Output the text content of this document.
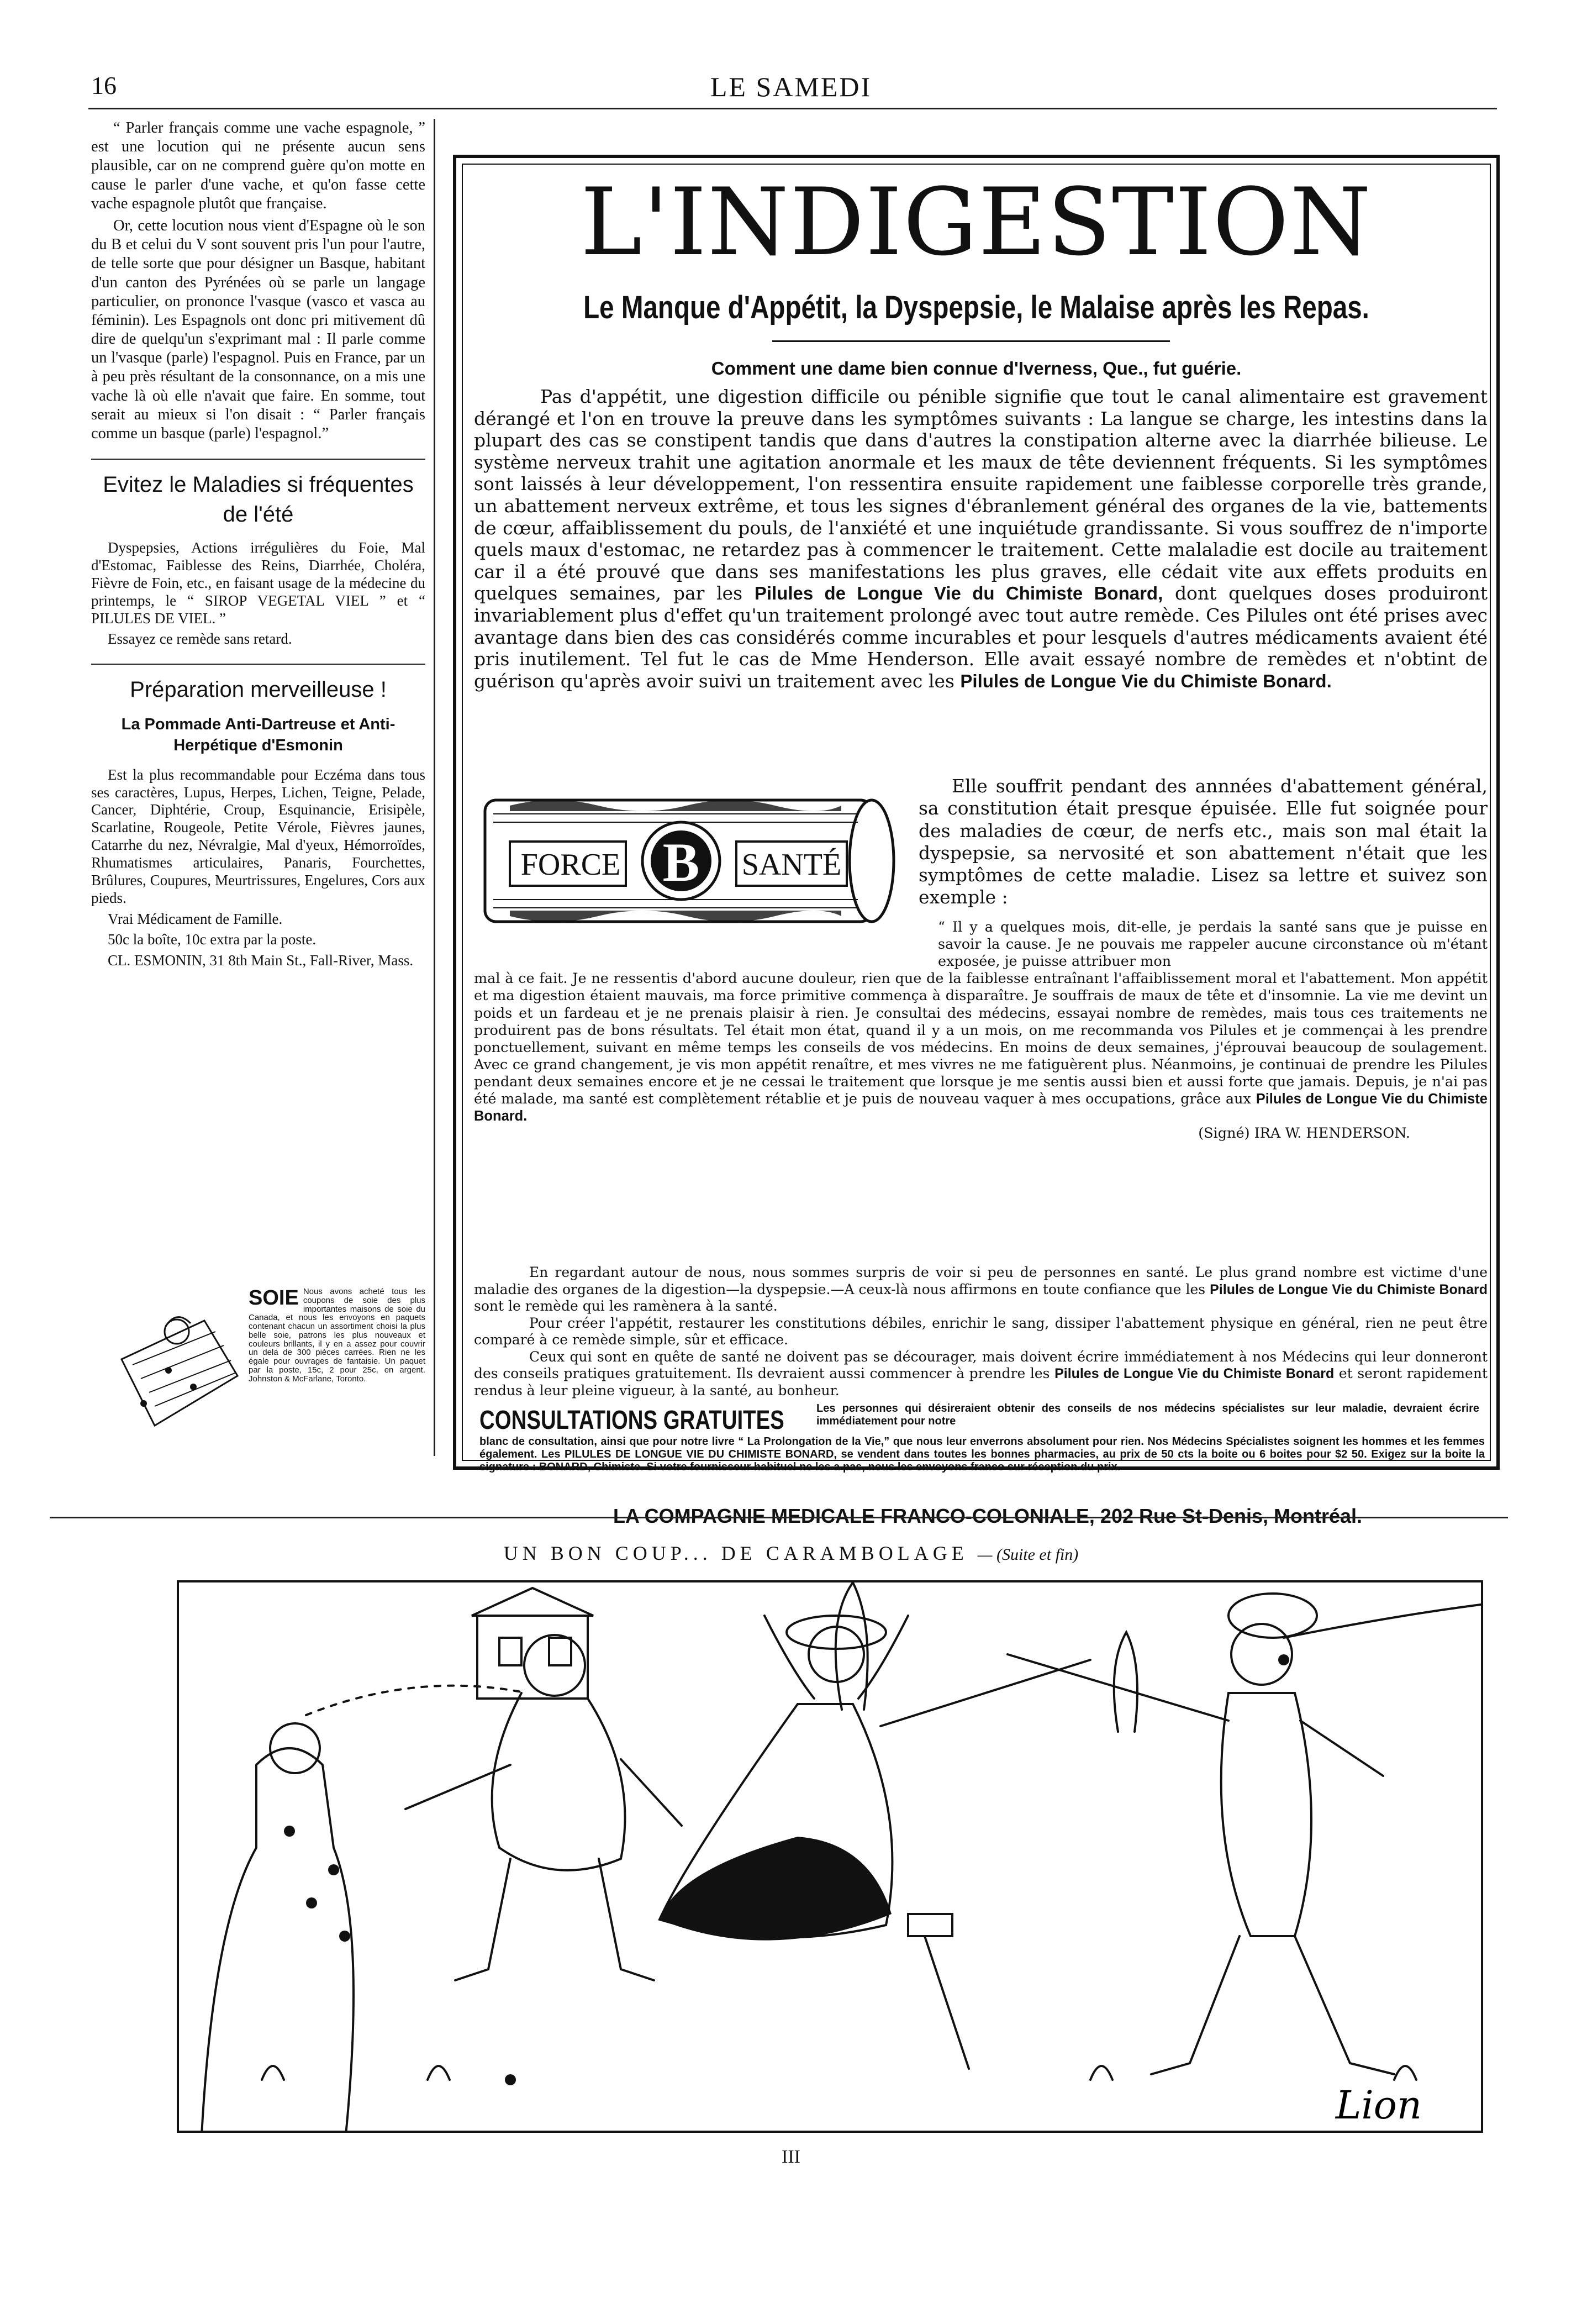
16	LE SAMEDI

“ Parler français comme une vache espagnole, ” est une locution qui ne présente aucun sens plausible, car on ne comprend guère qu'on motte en cause le parler d'une vache, et qu'on fasse cette vache espagnole plutôt que française.

Or, cette locution nous vient d'Espagne où le son du B et celui du V sont souvent pris l'un pour l'autre, de telle sorte que pour désigner un Basque, habitant d'un canton des Pyrénées où se parle un langage particulier, on prononce l'vasque (vasco et vasca au féminin). Les Espagnols ont donc pri mitivement dû dire de quelqu'un s'exprimant mal : Il parle comme un l'vasque (parle) l'espagnol. Puis en France, par un à peu près résultant de la consonnance, on a mis une vache là où elle n'avait que faire. En somme, tout serait au mieux si l'on disait : “ Parler français comme un basque (parle) l'espagnol.”

Evitez le Maladies si fréquentes de l'été

Dyspepsies, Actions irrégulières du Foie, Mal d'Estomac, Faiblesse des Reins, Diarrhée, Choléra, Fièvre de Foin, etc., en faisant usage de la médecine du printemps, le “ SIROP VEGETAL VIEL ” et “ PILULES DE VIEL. ”

Essayez ce remède sans retard.

Préparation merveilleuse !
La Pommade Anti-Dartreuse et Anti-Herpétique d'Esmonin

Est la plus recommandable pour Eczéma dans tous ses caractères, Lupus, Herpes, Lichen, Teigne, Pelade, Cancer, Diphtérie, Croup, Esquinancie, Erisipèle, Scarlatine, Rougeole, Petite Vérole, Fièvres jaunes, Catarrhe du nez, Névralgie, Mal d'yeux, Hémorroïdes, Rhumatismes articulaires, Panaris, Fourchettes, Brûlures, Coupures, Meurtrissures, Engelures, Cors aux pieds.

Vrai Médicament de Famille.

50c la boîte, 10c extra par la poste.

CL. ESMONIN, 31 8th Main St., Fall-River, Mass.

SOIE Nous avons acheté tous les coupons de soie des plus importantes maisons de soie du Canada, et nous les envoyons en paquets contenant chacun un assortiment choisi la plus belle soie, patrons les plus nouveaux et couleurs brillants, il y en a assez pour couvrir un dela de 300 pièces carrées. Rien ne les égale pour ouvrages de fantaisie. Un paquet par la poste, 15c, 2 pour 25c, en argent. Johnston & McFarlane, Toronto.
L'INDIGESTION
Le Manque d'Appétit, la Dyspepsie, le Malaise après les Repas.
Comment une dame bien connue d'Iverness, Que., fut guérie.
Pas d'appétit, une digestion difficile ou pénible signifie que tout le canal alimentaire est gravement dérangé et l'on en trouve la preuve dans les symptômes suivants : La langue se charge, les intestins dans la plupart des cas se constipent tandis que dans d'autres la constipation alterne avec la diarrhée bilieuse. Le système nerveux trahit une agitation anormale et les maux de tête deviennent fréquents. Si les symptômes sont laissés à leur développement, l'on ressentira ensuite rapidement une faiblesse corporelle très grande, un abattement nerveux extrême, et tous les signes d'ébranlement général des organes de la vie, battements de cœur, affaiblissement du pouls, de l'anxiété et une inquiétude grandissante. Si vous souffrez de n'importe quels maux d'estomac, ne retardez pas à commencer le traitement. Cette malaladie est docile au traitement car il a été prouvé que dans ses manifestations les plus graves, elle cédait vite aux effets produits en quelques semaines, par les Pilules de Longue Vie du Chimiste Bonard, dont quelques doses produiront invariablement plus d'effet qu'un traitement prolongé avec tout autre remède. Ces Pilules ont été prises avec avantage dans bien des cas considérés comme incurables et pour lesquels d'autres médicaments avaient été pris inutilement. Tel fut le cas de Mme Henderson. Elle avait essayé nombre de remèdes et n'obtint de guérison qu'après avoir suivi un traitement avec les Pilules de Longue Vie du Chimiste Bonard.
FORCE	SANTÉ
B
Elle souffrit pendant des annnées d'abattement général, sa constitution était presque épuisée. Elle fut soignée pour des maladies de cœur, de nerfs etc., mais son mal était la dyspepsie, sa nervosité et son abattement n'était que les symptômes de cette maladie. Lisez sa lettre et suivez son exemple :
“ Il y a quelques mois, dit-elle, je perdais la santé sans que je puisse en savoir la cause. Je ne pouvais me rappeler aucune circonstance où m'étant exposée, je puisse attribuer mon
mal à ce fait. Je ne ressentis d'abord aucune douleur, rien que de la faiblesse entraînant l'affaiblissement moral et l'abattement. Mon appétit et ma digestion étaient mauvais, ma force primitive commença à disparaître. Je souffrais de maux de tête et d'insomnie. La vie me devint un poids et un fardeau et je ne prenais plaisir à rien. Je consultai des médecins, essayai nombre de remèdes, mais tous ces traitements ne produirent pas de bons résultats. Tel était mon état, quand il y a un mois, on me recommanda vos Pilules et je commençai à les prendre ponctuellement, suivant en même temps les conseils de vos médecins. En moins de deux semaines, j'éprouvai beaucoup de soulagement. Avec ce grand changement, je vis mon appétit renaître, et mes vivres ne me fatiguèrent plus. Néanmoins, je continuai de prendre les Pilules pendant deux semaines encore et je ne cessai le traitement que lorsque je me sentis aussi bien et aussi forte que jamais. Depuis, je n'ai pas été malade, ma santé est complètement rétablie et je puis de nouveau vaquer à mes occupations, grâce aux Pilules de Longue Vie du Chimiste Bonard.
(Signé) IRA W. HENDERSON.

En regardant autour de nous, nous sommes surpris de voir si peu de personnes en santé. Le plus grand nombre est victime d'une maladie des organes de la digestion—la dyspepsie.—A ceux-là nous affirmons en toute confiance que les Pilules de Longue Vie du Chimiste Bonard sont le remède qui les ramènera à la santé.

Pour créer l'appétit, restaurer les constitutions débiles, enrichir le sang, dissiper l'abattement physique en général, rien ne peut être comparé à ce remède simple, sûr et efficace.

Ceux qui sont en quête de santé ne doivent pas se décourager, mais doivent écrire immédiatement à nos Médecins qui leur donneront des conseils pratiques gratuitement. Ils devraient aussi commencer à prendre les Pilules de Longue Vie du Chimiste Bonard et seront rapidement rendus à leur pleine vigueur, à la santé, au bonheur.

CONSULTATIONS GRATUITES	Les personnes qui désireraient obtenir des conseils de nos médecins spécialistes sur leur maladie, devraient écrire immédiatement pour notre
blanc de consultation, ainsi que pour notre livre “ La Prolongation de la Vie,” que nous leur enverrons absolument pour rien. Nos Médecins Spécialistes soignent les hommes et les femmes également. Les PILULES DE LONGUE VIE DU CHIMISTE BONARD, se vendent dans toutes les bonnes pharmacies, au prix de 50 cts la boite ou 6 boites pour $2 50. Exigez sur la boite la signature : BONARD, Chimiste. Si votre fournisseur habituel ne les a pas, nous les envoyons franco sur réception du prix.
LA COMPAGNIE MEDICALE FRANCO-COLONIALE, 202 Rue St-Denis, Montréal.
UN BON COUP... DE CARAMBOLAGE — (Suite et fin)
Lion
III
